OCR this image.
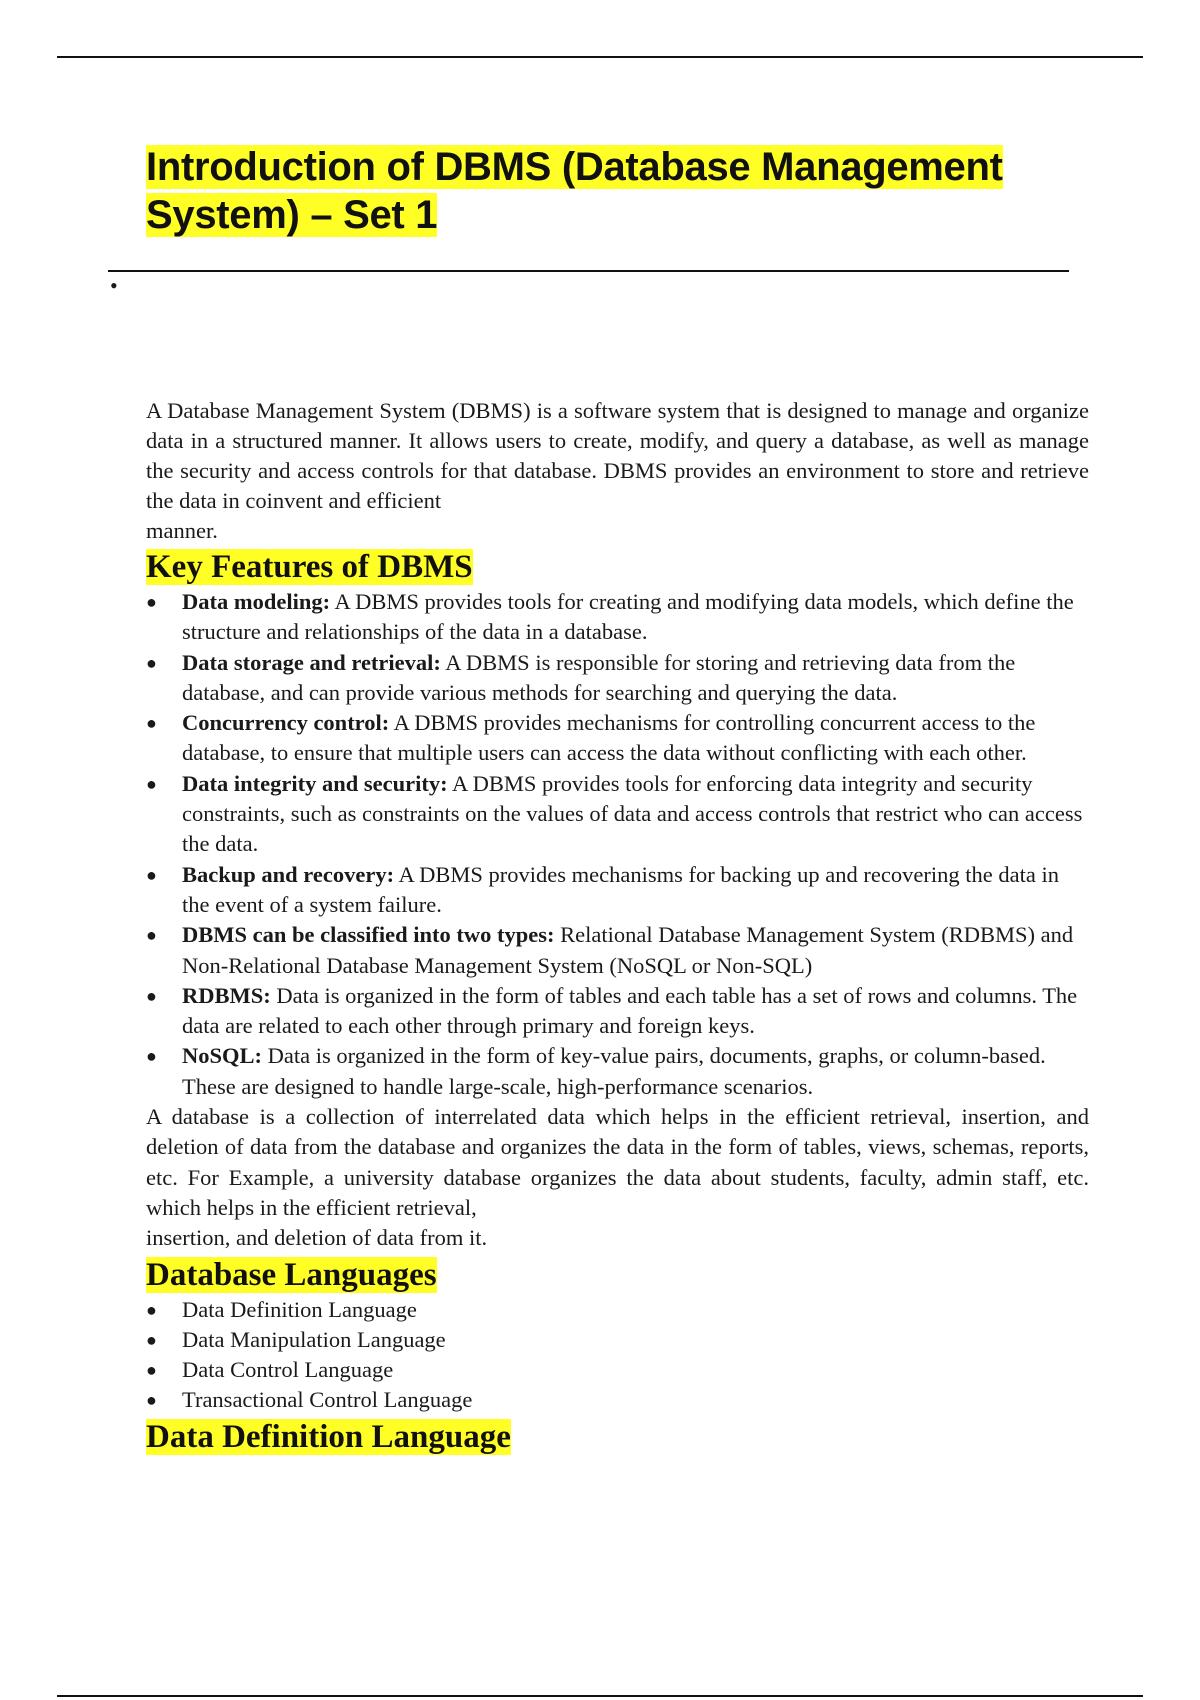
Introduction of DBMS (Database Management System) – Set 1
•

A Database Management System (DBMS) is a software system that is designed to manage and organize data in a structured manner. It allows users to create, modify, and query a database, as well as manage the security and access controls for that database. DBMS provides an environment to store and retrieve the data in coinvent and efficient
manner.

Key Features of DBMS
● Data modeling: A DBMS provides tools for creating and modifying data models, which define the structure and relationships of the data in a database.
● Data storage and retrieval: A DBMS is responsible for storing and retrieving data from the database, and can provide various methods for searching and querying the data.
● Concurrency control: A DBMS provides mechanisms for controlling concurrent access to the database, to ensure that multiple users can access the data without conflicting with each other.
● Data integrity and security: A DBMS provides tools for enforcing data integrity and security constraints, such as constraints on the values of data and access controls that restrict who can access the data.
● Backup and recovery: A DBMS provides mechanisms for backing up and recovering the data in the event of a system failure.
● DBMS can be classified into two types: Relational Database Management System (RDBMS) and Non-Relational Database Management System (NoSQL or Non-SQL)
● RDBMS: Data is organized in the form of tables and each table has a set of rows and columns. The data are related to each other through primary and foreign keys.
● NoSQL: Data is organized in the form of key-value pairs, documents, graphs, or column-based. These are designed to handle large-scale, high-performance scenarios.

A database is a collection of interrelated data which helps in the efficient retrieval, insertion, and deletion of data from the database and organizes the data in the form of tables, views, schemas, reports, etc. For Example, a university database organizes the data about students, faculty, admin staff, etc. which helps in the efficient retrieval,
insertion, and deletion of data from it.

Database Languages
● Data Definition Language
● Data Manipulation Language
● Data Control Language
● Transactional Control Language
Data Definition Language
